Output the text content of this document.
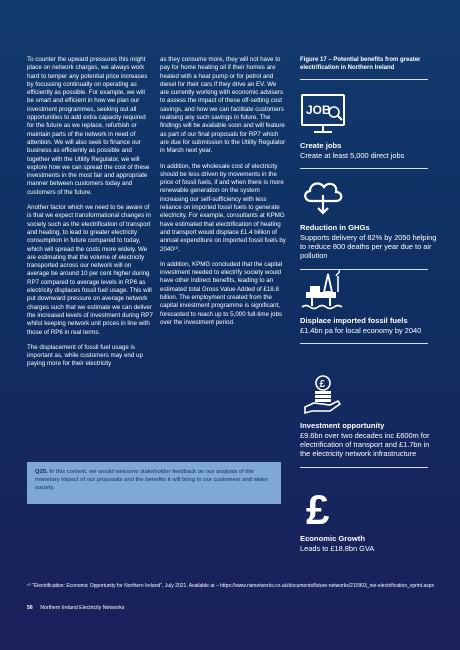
To counter the upward pressures this might place on network charges, we always work hard to temper any potential price increases by focussing continually on operating as efficiently as possible. For example, we will be smart and efficient in how we plan our investment programmes, seeking out all opportunities to add extra capacity required for the future as we replace, refurbish or maintain parts of the network in need of attention. We will also seek to finance our business as efficiently as possible and together with the Utility Regulator, we will explore how we can spread the cost of these investments in the most fair and appropriate manner between customers today and customers of the future.

Another factor which we need to be aware of is that we expect transformational changes in society such as the electrification of transport and heating, to lead to greater electricity consumption in future compared to today, which will spread the costs more widely. We are estimating that the volume of electricity transported across our network will on average be around 10 per cent higher during RP7 compared to average levels in RP6 as electricity displaces fossil fuel usage. This will put downward pressure on average network charges such that we estimate we can deliver the increased levels of investment during RP7 whilst keeping network unit prices in line with those of RP6 in real terms.

The displacement of fossil fuel usage is important as, while customers may end up paying more for their electricity

as they consume more, they will not have to pay for home heating oil if their homes are heated with a heat pump or for petrol and diesel for their cars if they drive an EV. We are currently working with economic advisers to assess the impact of these off-setting cost savings, and how we can facilitate customers realising any such savings in future. The findings will be available soon and will feature as part of our final proposals for RP7 which are due for submission to the Utility Regulator in March next year.

In addition, the wholesale cost of electricity should be less driven by movements in the price of fossil fuels, if and when there is more renewable generation on the system increasing our self-sufficiency with less reliance on imported fossil fuels to generate electricity. For example, consultants at KPMG have estimated that electrification of heating and transport would displace £1.4 billion of annual expenditure on imported fossil fuels by 2040¹⁰.

In addition, KPMG concluded that the capital investment needed to electrify society would have other indirect benefits, leading to an estimated total Gross Value Added of £18.8 billion. The employment created from the capital investment programme is significant, forecasted to reach up to 5,000 full-time jobs over the investment period.

Q25. In this context, we would welcome stakeholder feedback on our analysis of the monetary impact of our proposals and the benefits it will bring to our customers and wider society.
Figure 17 – Potential benefits from greater electrification in Northern Ireland
JOB
Create jobs
Create at least 5,000 direct jobs
Reduction in GHGs
Supports delivery of 82% by 2050 helping to reduce 800 deaths per year due to air pollution
Displace imported fossil fuels
£1.4bn pa for local economy by 2040
£
Investment opportunity
£9.6bn over two decades inc £600m for electrification of transport and £1.7bn in the electricity network infrastructure
£
Economic Growth
Leads to £18.8bn GVA
¹⁰ "Electrification: Economic Opportunity for Northern Ireland", July 2021. Available at – https://www.nienetworks.co.uk/documents/future-networks/210903_nie-electrification_vprint.aspx
56 Northern Ireland Electricity Networks
